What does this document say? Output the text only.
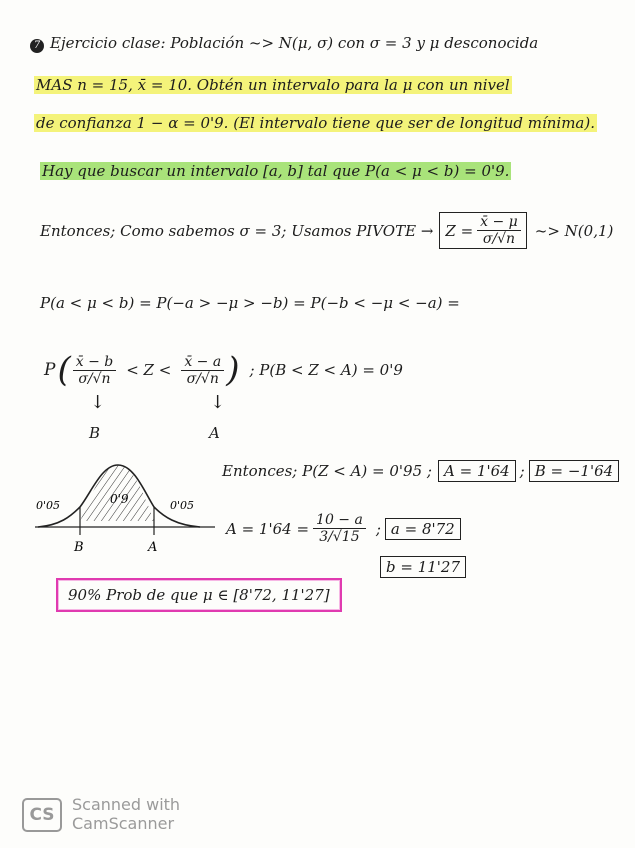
7 Ejercicio clase: Población ~> N(μ, σ) con σ = 3 y μ desconocida
MAS n = 15, x̄ = 10. Obtén un intervalo para la μ con un nivel
de confianza 1 − α = 0'9. (El intervalo tiene que ser de longitud mínima).
Hay que buscar un intervalo [a, b] tal que P(a < μ < b) = 0'9.
Entonces; Como sabemos σ = 3; Usamos PIVOTE → $Z = \frac{x̄ - \mu}{\sigma/√n}$ ~> N(0,1)
P(a < μ < b) = P(−a > −μ > −b) = P(−b < −μ < −a) =
P ( $\frac{x̄ - b}{\sigma/√n} < Z < \frac{x̄ - a}{\sigma/√n}$ ) ; P(B < Z < A) = 0'9
↓	↓
B	A
0'05	0'05
0'9
B	A
Entonces; P(Z < A) = 0'95 ; A = 1'64 ; B = −1'64
$A = 1'64 = \frac{10 - a}{3/√15}$ ; a = 8'72
b = 11'27
90% Prob de que μ ∈ [8'72, 11'27]
CS
Scanned with
CamScanner
